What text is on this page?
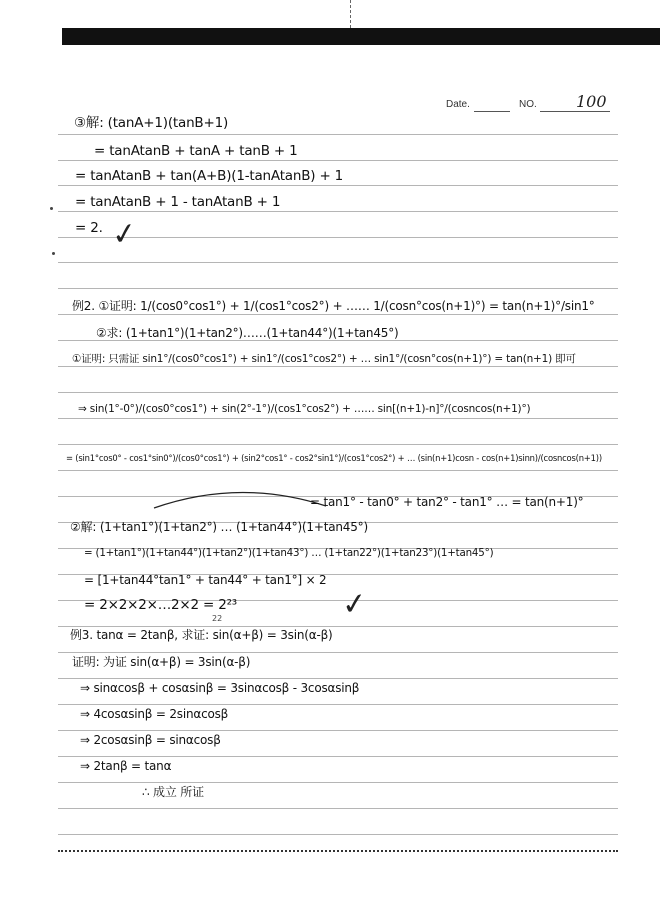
Date.	NO. 100
③解: (tanA+1)(tanB+1)
= tanAtanB + tanA + tanB + 1
= tanAtanB + tan(A+B)(1-tanAtanB) + 1
= tanAtanB + 1 - tanAtanB + 1
= 2. ✓
例2. ①证明: 1/(cos0°cos1°) + 1/(cos1°cos2°) + …… 1/(cosn°cos(n+1)°) = tan(n+1)°/sin1°
②求: (1+tan1°)(1+tan2°)……(1+tan44°)(1+tan45°)
①证明: 只需证 sin1°/(cos0°cos1°) + sin1°/(cos1°cos2°) + … sin1°/(cosn°cos(n+1)°) = tan(n+1) 即可
⇒ sin(1°-0°)/(cos0°cos1°) + sin(2°-1°)/(cos1°cos2°) + …… sin[(n+1)-n]°/(cosncos(n+1)°)
= (sin1°cos0° - cos1°sin0°)/(cos0°cos1°) + (sin2°cos1° - cos2°sin1°)/(cos1°cos2°) + … (sin(n+1)cosn - cos(n+1)sinn)/(cosncos(n+1))
= tan1° - tan0° + tan2° - tan1° … = tan(n+1)°
②解: (1+tan1°)(1+tan2°) … (1+tan44°)(1+tan45°)
= (1+tan1°)(1+tan44°)(1+tan2°)(1+tan43°) … (1+tan22°)(1+tan23°)(1+tan45°)
= [1+tan44°tan1° + tan44° + tan1°] × 2
= 2×2×2×…2×2 = 2²³	✓
22
例3. tanα = 2tanβ, 求证: sin(α+β) = 3sin(α-β)
证明: 为证 sin(α+β) = 3sin(α-β)
⇒ sinαcosβ + cosαsinβ = 3sinαcosβ - 3cosαsinβ
⇒ 4cosαsinβ = 2sinαcosβ
⇒ 2cosαsinβ = sinαcosβ
⇒ 2tanβ = tanα
∴ 成立 所证
